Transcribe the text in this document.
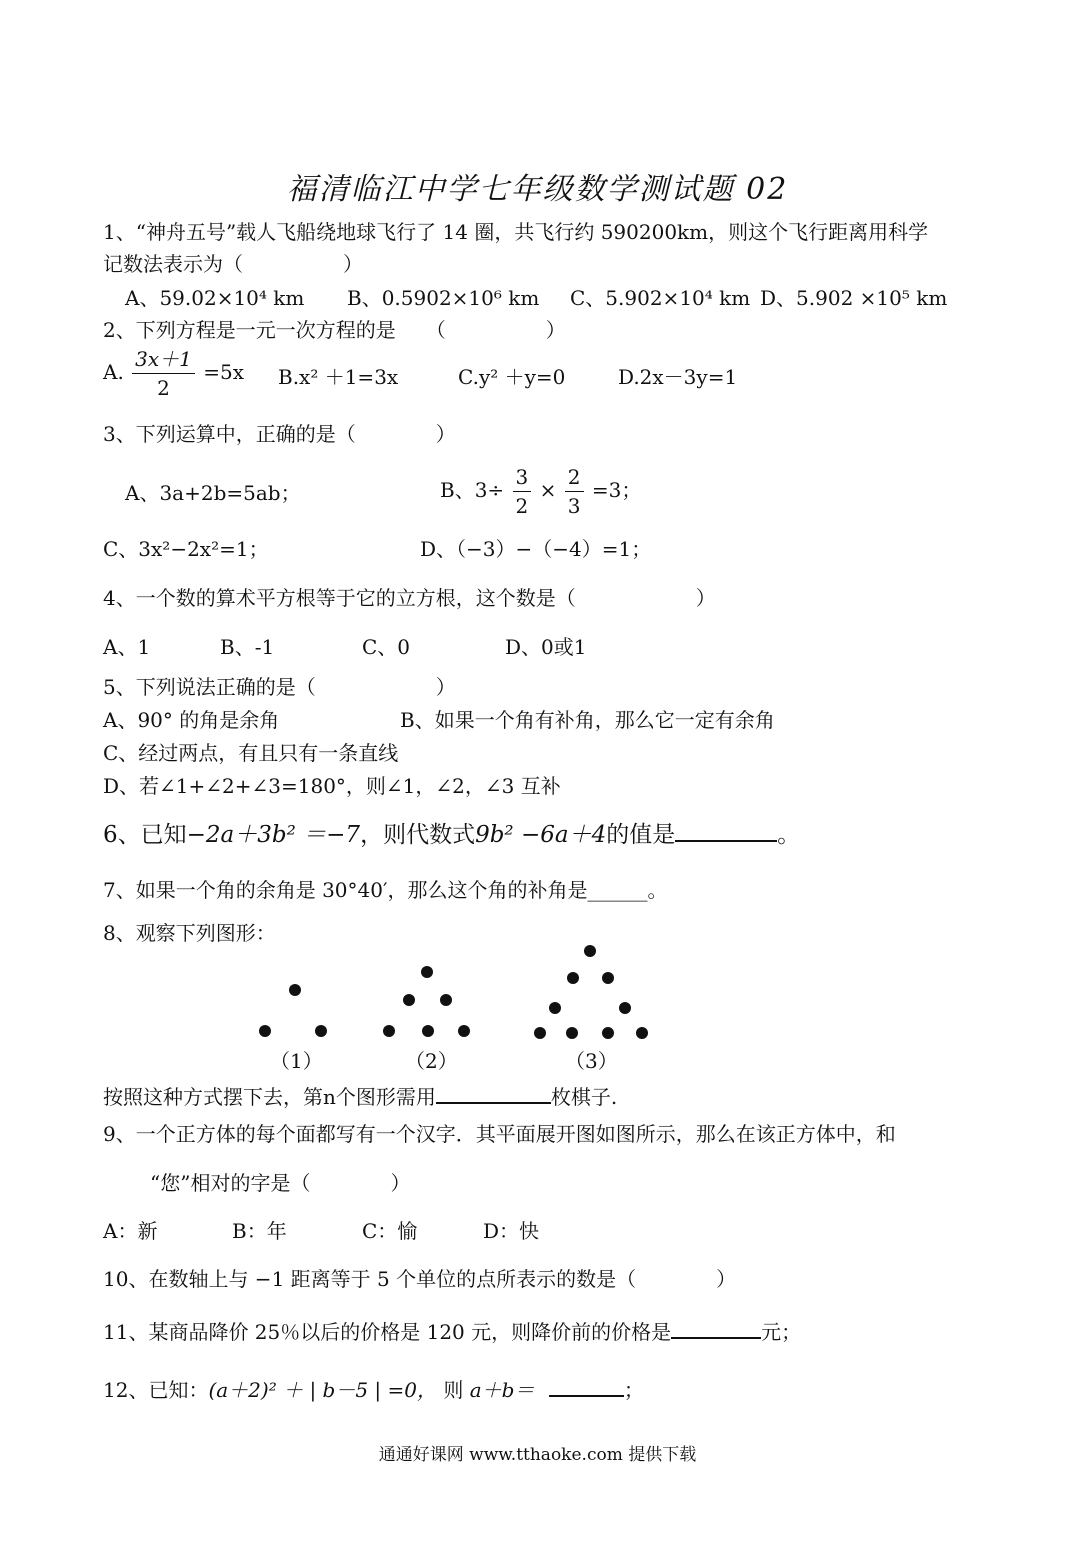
福清临江中学七年级数学测试题 02
1、“神舟五号”载人飞船绕地球飞行了 14 圈，共飞行约 590200km，则这个飞行距离用科学
记数法表示为（　　　　　）
A、59.02×10⁴ km B、0.5902×10⁶ km C、5.902×10⁴ km D、5.902 ×10⁵ km
2、下列方程是一元一次方程的是　　（　　　　　）
A. $\frac{3x+1}{2} =5x$ B.x² ＋1=3x	C.y² ＋y=0	D.2x－3y=1
3、下列运算中，正确的是（　　　　）
A、3a+2b=5ab；	B、$3\div \frac{3}{2} \times \frac{2}{3} =3$；
C、3x²−2x²=1；	D、（−3）−（−4）=1；
4、一个数的算术平方根等于它的立方根，这个数是（　　　　　　）
A、1	B、-1	C、0	D、0或1
5、下列说法正确的是（　　　　　　）
A、90° 的角是余角	B、如果一个角有补角，那么它一定有余角
C、经过两点，有且只有一条直线
D、若∠1+∠2+∠3=180°，则∠1，∠2，∠3 互补
6、已知−2a＋3b² ＝−7，则代数式9b² −6a＋4的值是	。
7、如果一个角的余角是 30°40′，那么这个角的补角是______。
8、观察下列图形：
（1）	（2）	（3）
按照这种方式摆下去，第n个图形需用	枚棋子.
9、一个正方体的每个面都写有一个汉字．其平面展开图如图所示，那么在该正方体中，和
“您”相对的字是（　　　　）
A：新	B：年	C：愉	D：快
10、在数轴上与 −1 距离等于 5 个单位的点所表示的数是（　　　　）
11、某商品降价 25％以后的价格是 120 元，则降价前的价格是	元；
12、已知：(a＋2)² ＋ | b－5 | =0， 则 a＋b＝	；
通通好课网 www.tthaoke.com 提供下载
